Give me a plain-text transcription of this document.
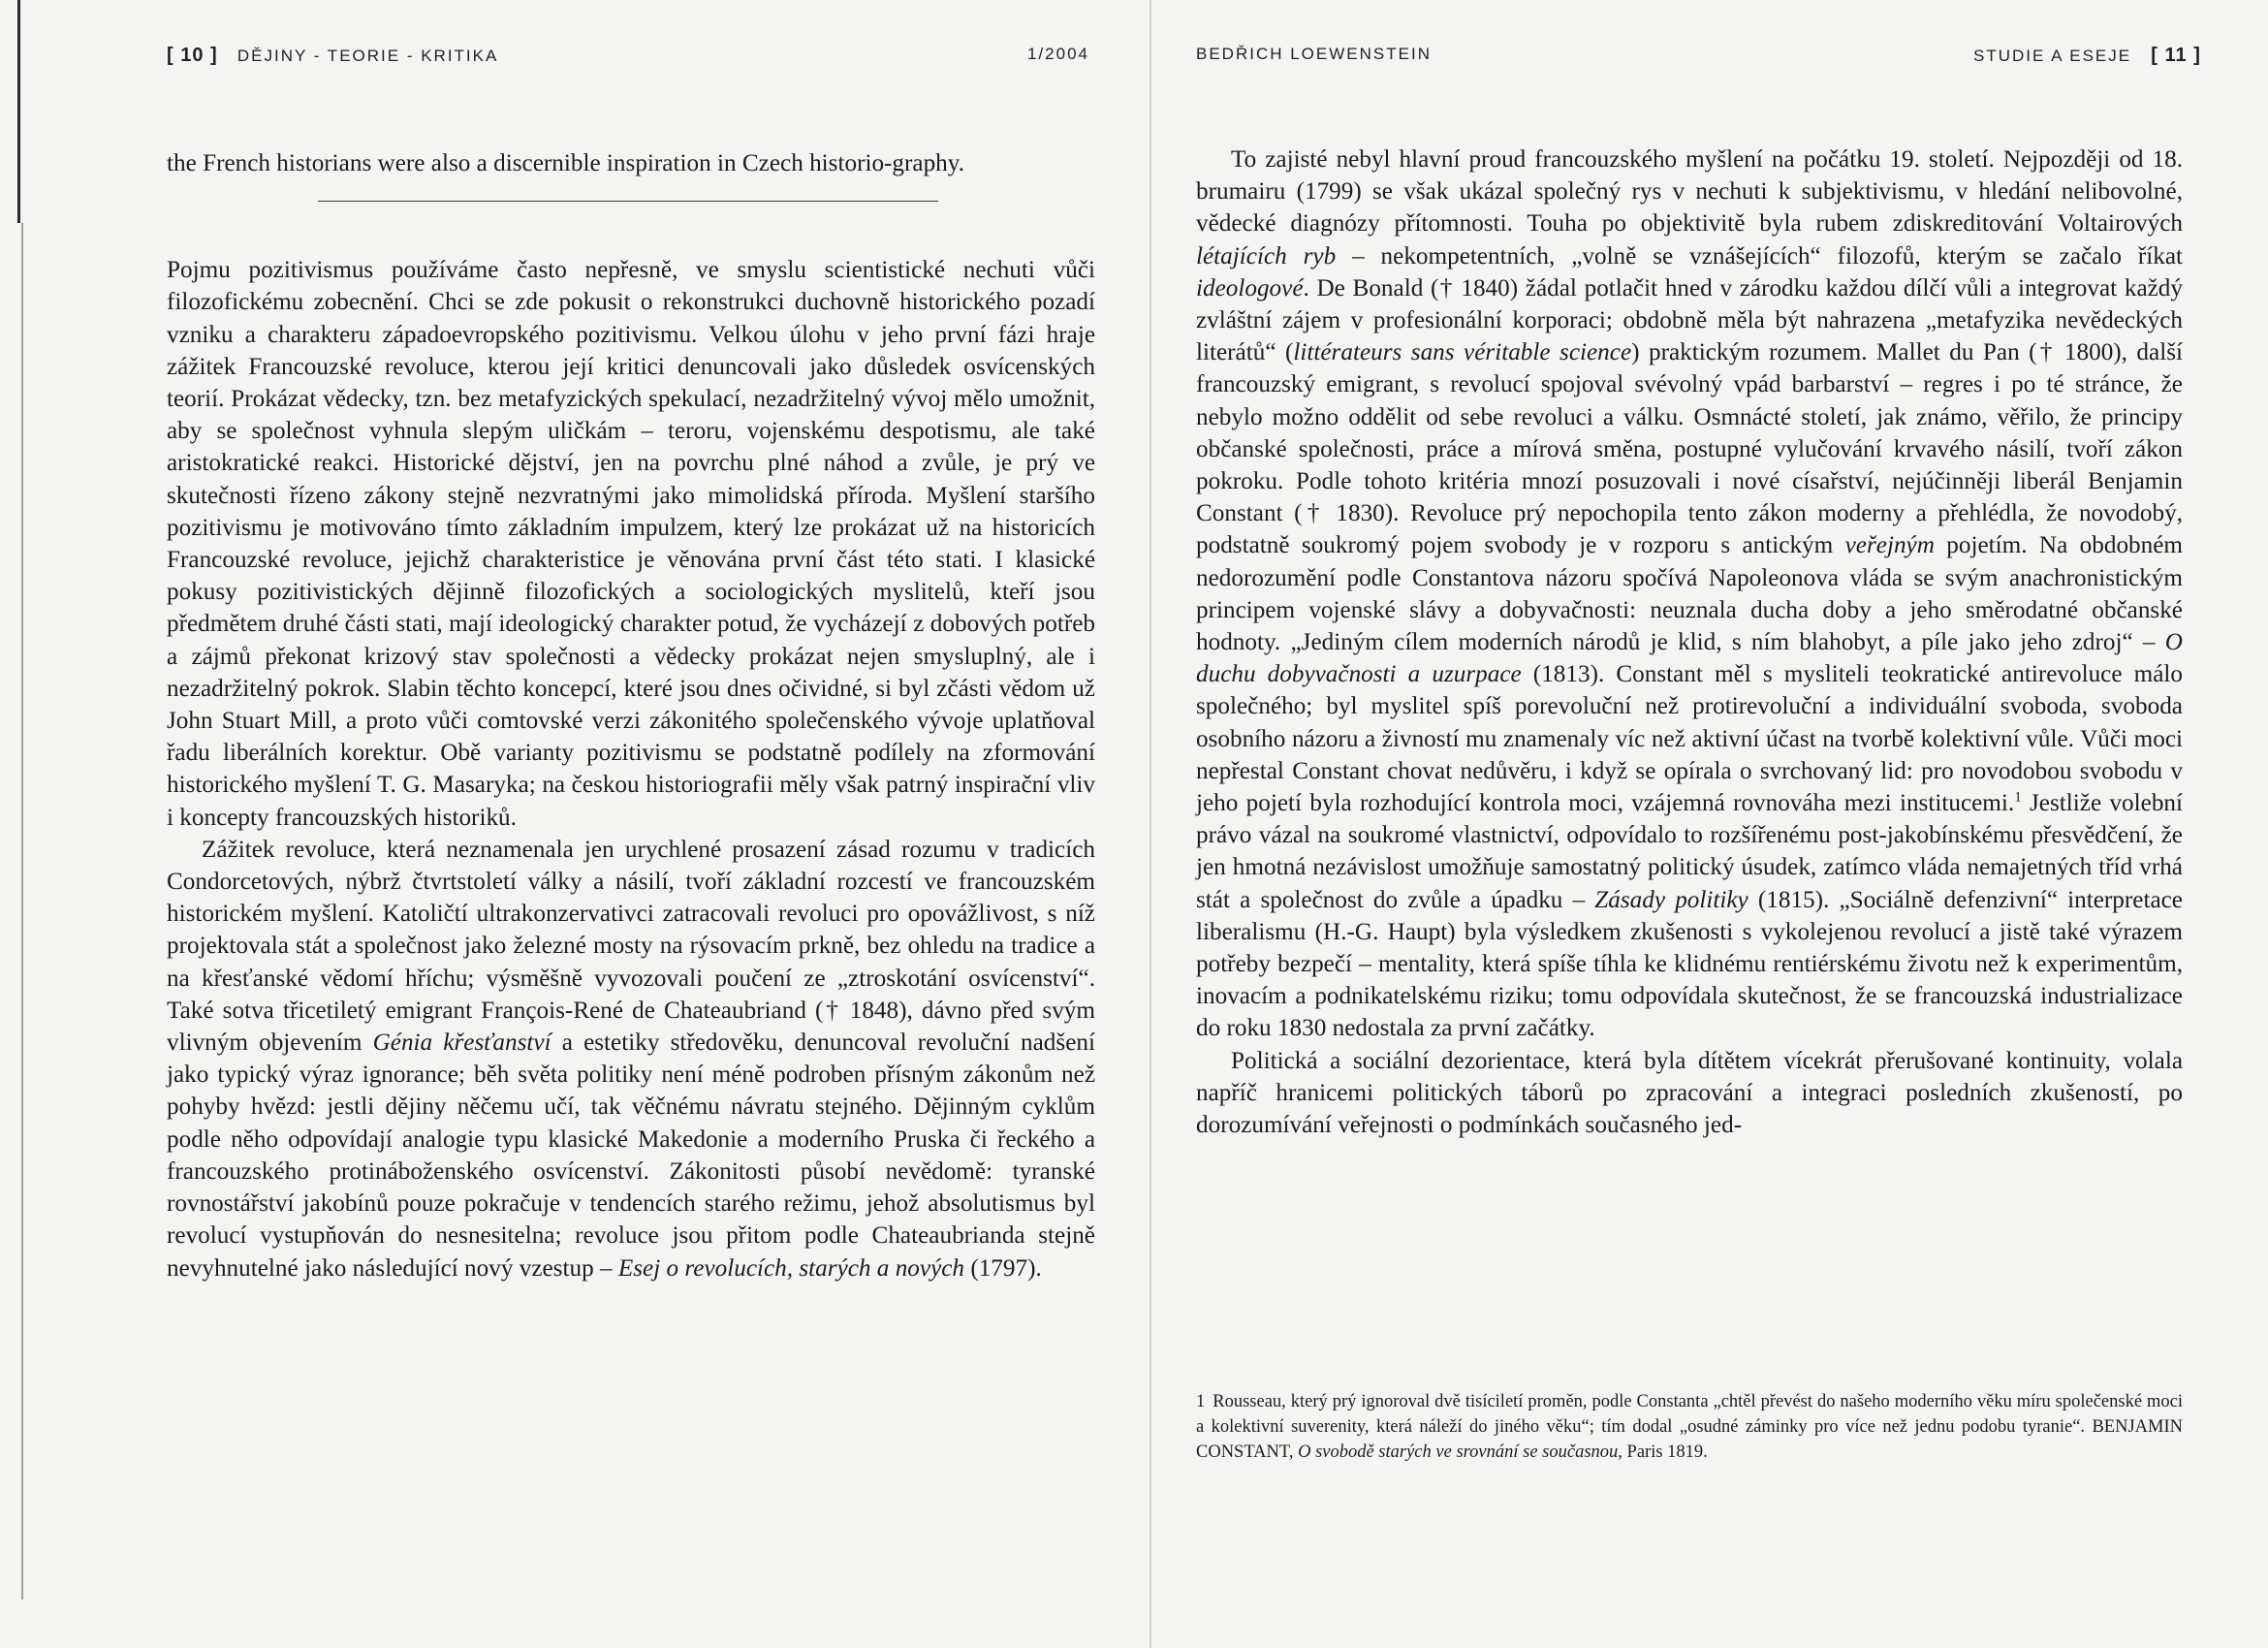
[ 10 ] DĚJINY - TEORIE - KRITIKA	1/2004

the French historians were also a discernible inspiration in Czech historio-graphy.

Pojmu pozitivismus používáme často nepřesně, ve smyslu scientistické nechuti vůči filozofickému zobecnění. Chci se zde pokusit o rekonstrukci duchovně historického pozadí vzniku a charakteru západoevropského pozitivismu. Velkou úlohu v jeho první fázi hraje zážitek Francouzské revoluce, kterou její kritici denuncovali jako důsledek osvícenských teorií. Prokázat vědecky, tzn. bez metafyzických spekulací, nezadržitelný vývoj mělo umožnit, aby se společnost vyhnula slepým uličkám – teroru, vojenskému despotismu, ale také aristokratické reakci. Historické dějství, jen na povrchu plné náhod a zvůle, je prý ve skutečnosti řízeno zákony stejně nezvratnými jako mimolidská příroda. Myšlení staršího pozitivismu je motivováno tímto základním impulzem, který lze prokázat už na historicích Francouzské revoluce, jejichž charakteristice je věnována první část této stati. I klasické pokusy pozitivistických dějinně filozofických a sociologických myslitelů, kteří jsou předmětem druhé části stati, mají ideologický charakter potud, že vycházejí z dobových potřeb a zájmů překonat krizový stav společnosti a vědecky prokázat nejen smysluplný, ale i nezadržitelný pokrok. Slabin těchto koncepcí, které jsou dnes očividné, si byl zčásti vědom už John Stuart Mill, a proto vůči comtovské verzi zákonitého společenského vývoje uplatňoval řadu liberálních korektur. Obě varianty pozitivismu se podstatně podílely na zformování historického myšlení T. G. Masaryka; na českou historiografii měly však patrný inspirační vliv i koncepty francouzských historiků.

Zážitek revoluce, která neznamenala jen urychlené prosazení zásad rozumu v tradicích Condorcetových, nýbrž čtvrtstoletí války a násilí, tvoří základní rozcestí ve francouzském historickém myšlení. Katoličtí ultrakonzervativci zatracovali revoluci pro opovážlivost, s níž projektovala stát a společnost jako železné mosty na rýsovacím prkně, bez ohledu na tradice a na křesťanské vědomí hříchu; výsměšně vyvozovali poučení ze „ztroskotání osvícenství“. Také sotva třicetiletý emigrant François-René de Chateaubriand († 1848), dávno před svým vlivným objevením Génia křesťanství a estetiky středověku, denuncoval revoluční nadšení jako typický výraz ignorance; běh světa politiky není méně podroben přísným zákonům než pohyby hvězd: jestli dějiny něčemu učí, tak věčnému návratu stejného. Dějinným cyklům podle něho odpovídají analogie typu klasické Makedonie a moderního Pruska či řeckého a francouzského protináboženského osvícenství. Zákonitosti působí nevědomě: tyranské rovnostářství jakobínů pouze pokračuje v tendencích starého režimu, jehož absolutismus byl revolucí vystupňován do nesnesitelna; revoluce jsou přitom podle Chateaubrianda stejně nevyhnutelné jako následující nový vzestup – Esej o revolucích, starých a nových (1797).

BEDŘICH LOEWENSTEIN	STUDIE A ESEJE [ 11 ]

To zajisté nebyl hlavní proud francouzského myšlení na počátku 19. století. Nejpozději od 18. brumairu (1799) se však ukázal společný rys v nechuti k subjektivismu, v hledání nelibovolné, vědecké diagnózy přítomnosti. Touha po objektivitě byla rubem zdiskreditování Voltairových létajících ryb – nekompetentních, „volně se vznášejících“ filozofů, kterým se začalo říkat ideologové. De Bonald († 1840) žádal potlačit hned v zárodku každou dílčí vůli a integrovat každý zvláštní zájem v profesionální korporaci; obdobně měla být nahrazena „metafyzika nevědeckých literátů“ (littérateurs sans véritable science) praktickým rozumem. Mallet du Pan († 1800), další francouzský emigrant, s revolucí spojoval svévolný vpád barbarství – regres i po té stránce, že nebylo možno oddělit od sebe revoluci a válku. Osmnácté století, jak známo, věřilo, že principy občanské společnosti, práce a mírová směna, postupné vylučování krvavého násilí, tvoří zákon pokroku. Podle tohoto kritéria mnozí posuzovali i nové císařství, nejúčinněji liberál Benjamin Constant († 1830). Revoluce prý nepochopila tento zákon moderny a přehlédla, že novodobý, podstatně soukromý pojem svobody je v rozporu s antickým veřejným pojetím. Na obdobném nedorozumění podle Constantova názoru spočívá Napoleonova vláda se svým anachronistickým principem vojenské slávy a dobyvačnosti: neuznala ducha doby a jeho směrodatné občanské hodnoty. „Jediným cílem moderních národů je klid, s ním blahobyt, a píle jako jeho zdroj“ – O duchu dobyvačnosti a uzurpace (1813). Constant měl s mysliteli teokratické antirevoluce málo společného; byl myslitel spíš porevoluční než protirevoluční a individuální svoboda, svoboda osobního názoru a živností mu znamenaly víc než aktivní účast na tvorbě kolektivní vůle. Vůči moci nepřestal Constant chovat nedůvěru, i když se opírala o svrchovaný lid: pro novodobou svobodu v jeho pojetí byla rozhodující kontrola moci, vzájemná rovnováha mezi institucemi.$^1$ Jestliže volební právo vázal na soukromé vlastnictví, odpovídalo to rozšířenému post-jakobínskému přesvědčení, že jen hmotná nezávislost umožňuje samostatný politický úsudek, zatímco vláda nemajetných tříd vrhá stát a společnost do zvůle a úpadku – Zásady politiky (1815). „Sociálně defenzivní“ interpretace liberalismu (H.-G. Haupt) byla výsledkem zkušenosti s vykolejenou revolucí a jistě také výrazem potřeby bezpečí – mentality, která spíše tíhla ke klidnému rentiérskému životu než k experimentům, inovacím a podnikatelskému riziku; tomu odpovídala skutečnost, že se francouzská industrializace do roku 1830 nedostala za první začátky.

Politická a sociální dezorientace, která byla dítětem vícekrát přerušované kontinuity, volala napříč hranicemi politických táborů po zpracování a integraci posledních zkušeností, po dorozumívání veřejnosti o podmínkách současného jed-

1 Rousseau, který prý ignoroval dvě tisíciletí proměn, podle Constanta „chtěl převést do našeho moderního věku míru společenské moci a kolektivní suverenity, která náleží do jiného věku“; tím dodal „osudné záminky pro více než jednu podobu tyranie“. BENJAMIN CONSTANT, O svobodě starých ve srovnání se současnou, Paris 1819.
